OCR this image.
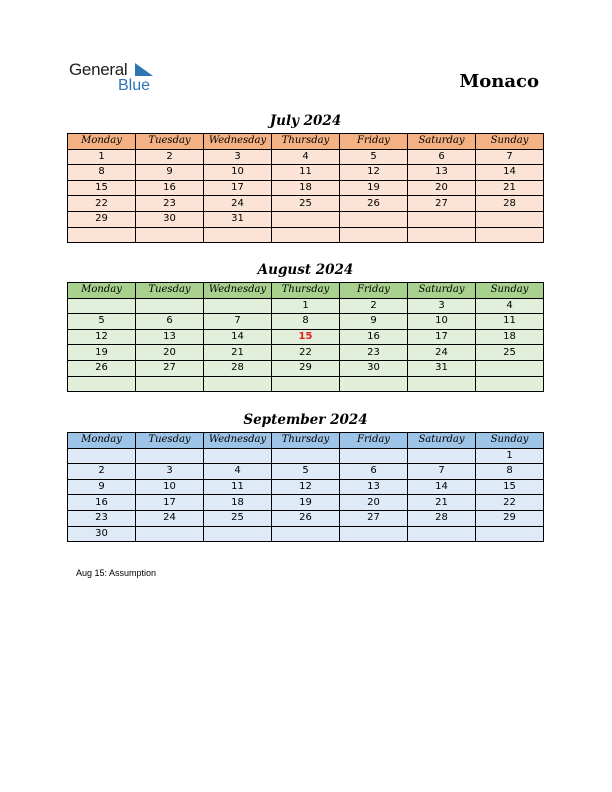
General
Blue	Monaco
July 2024
Monday	Tuesday	Wednesday	Thursday	Friday	Saturday	Sunday
1	2	3	4	5	6	7
8	9	10	11	12	13	14
15	16	17	18	19	20	21
22	23	24	25	26	27	28
29	30	31				

August 2024
Monday	Tuesday	Wednesday	Thursday	Friday	Saturday	Sunday
			1	2	3	4
5	6	7	8	9	10	11
12	13	14	15	16	17	18
19	20	21	22	23	24	25
26	27	28	29	30	31	

September 2024
Monday	Tuesday	Wednesday	Thursday	Friday	Saturday	Sunday
						1
2	3	4	5	6	7	8
9	10	11	12	13	14	15
16	17	18	19	20	21	22
23	24	25	26	27	28	29
30						
Aug 15: Assumption
